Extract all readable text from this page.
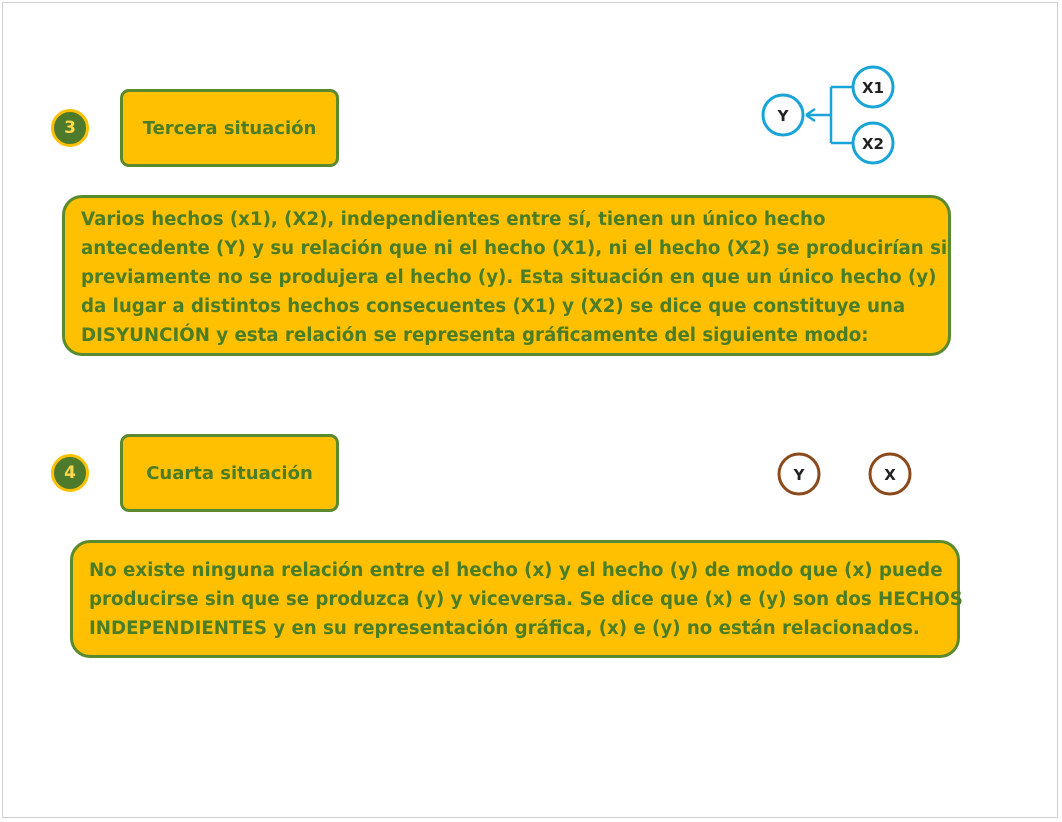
3	Tercera situación
Y
X1
X2
Varios hechos (x1), (X2), independientes entre sí, tienen un único hecho
antecedente (Y) y su relación que ni el hecho (X1), ni el hecho (X2) se producirían si
previamente no se produjera el hecho (y). Esta situación en que un único hecho (y)
da lugar a distintos hechos consecuentes (X1) y (X2) se dice que constituye una
DISYUNCIÓN y esta relación se representa gráficamente del siguiente modo:
4	Cuarta situación	Y	X
No existe ninguna relación entre el hecho (x) y el hecho (y) de modo que (x) puede
producirse sin que se produzca (y) y viceversa. Se dice que (x) e (y) son dos HECHOS
INDEPENDIENTES y en su representación gráfica, (x) e (y) no están relacionados.
